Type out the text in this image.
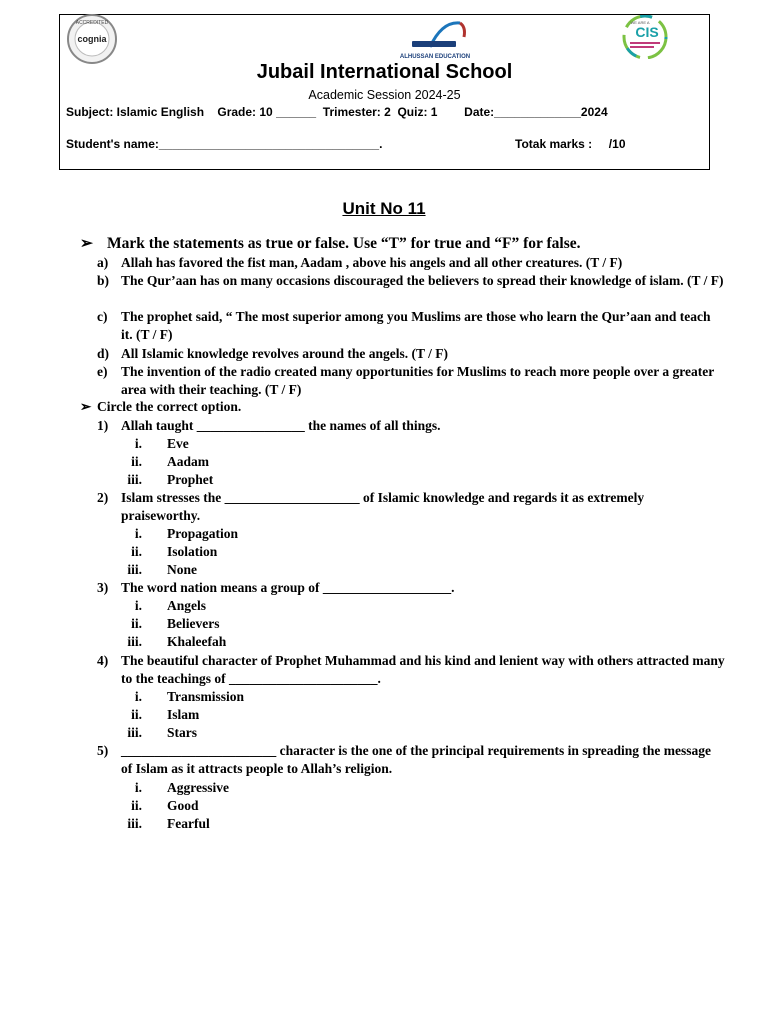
ACCREDITED
cognia
ALHUSSAN EDUCATION
WE ARE A
CIS
Jubail International School
Academic Session 2024-25
Subject: Islamic English    Grade: 10 ______  Trimester: 2  Quiz: 1        Date:_____________2024
Student's name:_________________________________.	Totak marks :     /10
Unit No 11
➢ Mark the statements as true or false. Use “T” for true and “F” for false.
a) Allah has favored the fist man, Aadam , above his angels and all other creatures. (T / F)
b) The Qur’aan has on many occasions discouraged the believers to spread their knowledge of islam. (T / F)
c) The prophet said, “ The most superior among you Muslims are those who learn the Qur’aan and teach it. (T / F)
d) All Islamic knowledge revolves around the angels. (T / F)
e) The invention of the radio created many opportunities for Muslims to reach more people over a greater area with their teaching. (T / F)
➢ Circle the correct option.
1) Allah taught ________________ the names of all things.
i. Eve
ii. Aadam
iii. Prophet
2) Islam stresses the ____________________ of Islamic knowledge and regards it as extremely praiseworthy.
i. Propagation
ii. Isolation
iii. None
3) The word nation means a group of ___________________.
i. Angels
ii. Believers
iii. Khaleefah
4) The beautiful character of Prophet Muhammad and his kind and lenient way with others attracted many to the teachings of ______________________.
i. Transmission
ii. Islam
iii. Stars
5) _______________________ character is the one of the principal requirements in spreading the message of Islam as it attracts people to Allah’s religion.
i. Aggressive
ii. Good
iii. Fearful
